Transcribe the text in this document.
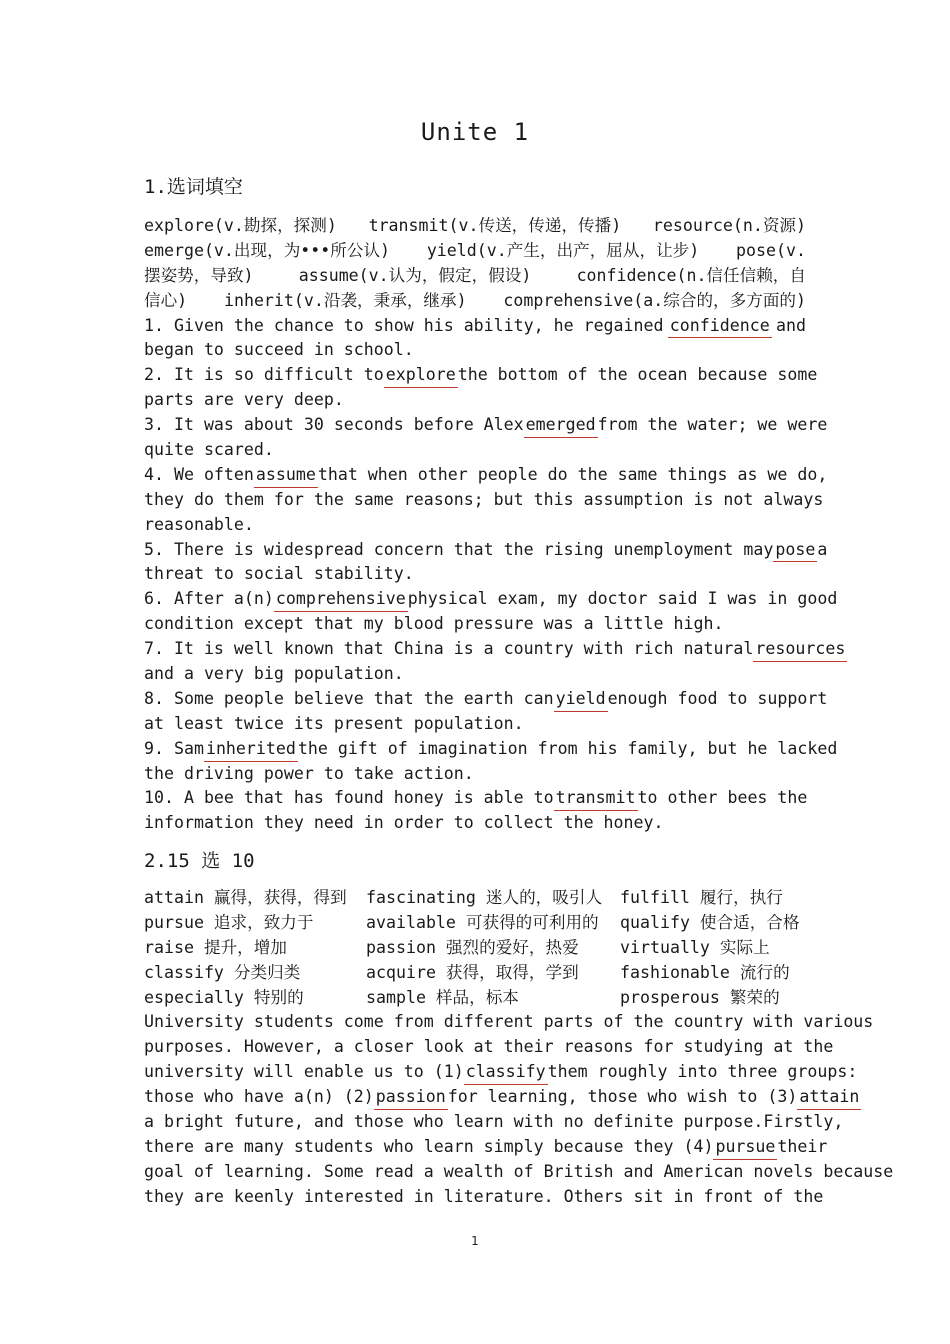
Unite 1
1.选词填空
explore(v.勘探，探测) transmit(v.传送，传递，传播) resource(n.资源)
emerge(v.出现，为•••所公认) yield(v.产生，出产，屈从，让步) pose(v.
摆姿势，导致)	assume(v.认为，假定，假设)	confidence(n.信任信赖，自
信心) inherit(v.沿袭，秉承，继承) comprehensive(a.综合的，多方面的)
1. Given the chance to show his ability, he regained confidence and
began to succeed in school.
2. It is so difficult to explore the bottom of the ocean because some
parts are very deep.
3. It was about 30 seconds before Alex emerged from the water; we were
quite scared.
4. We often assume that when other people do the same things as we do,
they do them for the same reasons; but this assumption is not always
reasonable.
5. There is widespread concern that the rising unemployment may pose a
threat to social stability.
6. After a(n) comprehensive physical exam, my doctor said I was in good
condition except that my blood pressure was a little high.
7. It is well known that China is a country with rich natural resources
and a very big population.
8. Some people believe that the earth can yield enough food to support
at least twice its present population.
9. Sam inherited the gift of imagination from his family, but he lacked
the driving power to take action.
10. A bee that has found honey is able to transmit to other bees the
information they need in order to collect the honey.
2.15 选 10
attain 赢得，获得，得到	fascinating 迷人的，吸引人	fulfill 履行，执行
pursue 追求，致力于	available 可获得的可利用的	qualify 使合适，合格
raise 提升，增加	passion 强烈的爱好，热爱	virtually 实际上
classify 分类归类	acquire 获得，取得，学到	fashionable 流行的
especially 特别的	sample 样品，标本	prosperous 繁荣的
University students come from different parts of the country with various
purposes. However, a closer look at their reasons for studying at the
university will enable us to (1) classify them roughly into three groups:
those who have a(n) (2) passion for learning, those who wish to (3) attain
a bright future, and those who learn with no definite purpose. Firstly,
there are many students who learn simply because they (4) pursue their
goal of learning. Some read a wealth of British and American novels because
they are keenly interested in literature. Others sit in front of the
1
